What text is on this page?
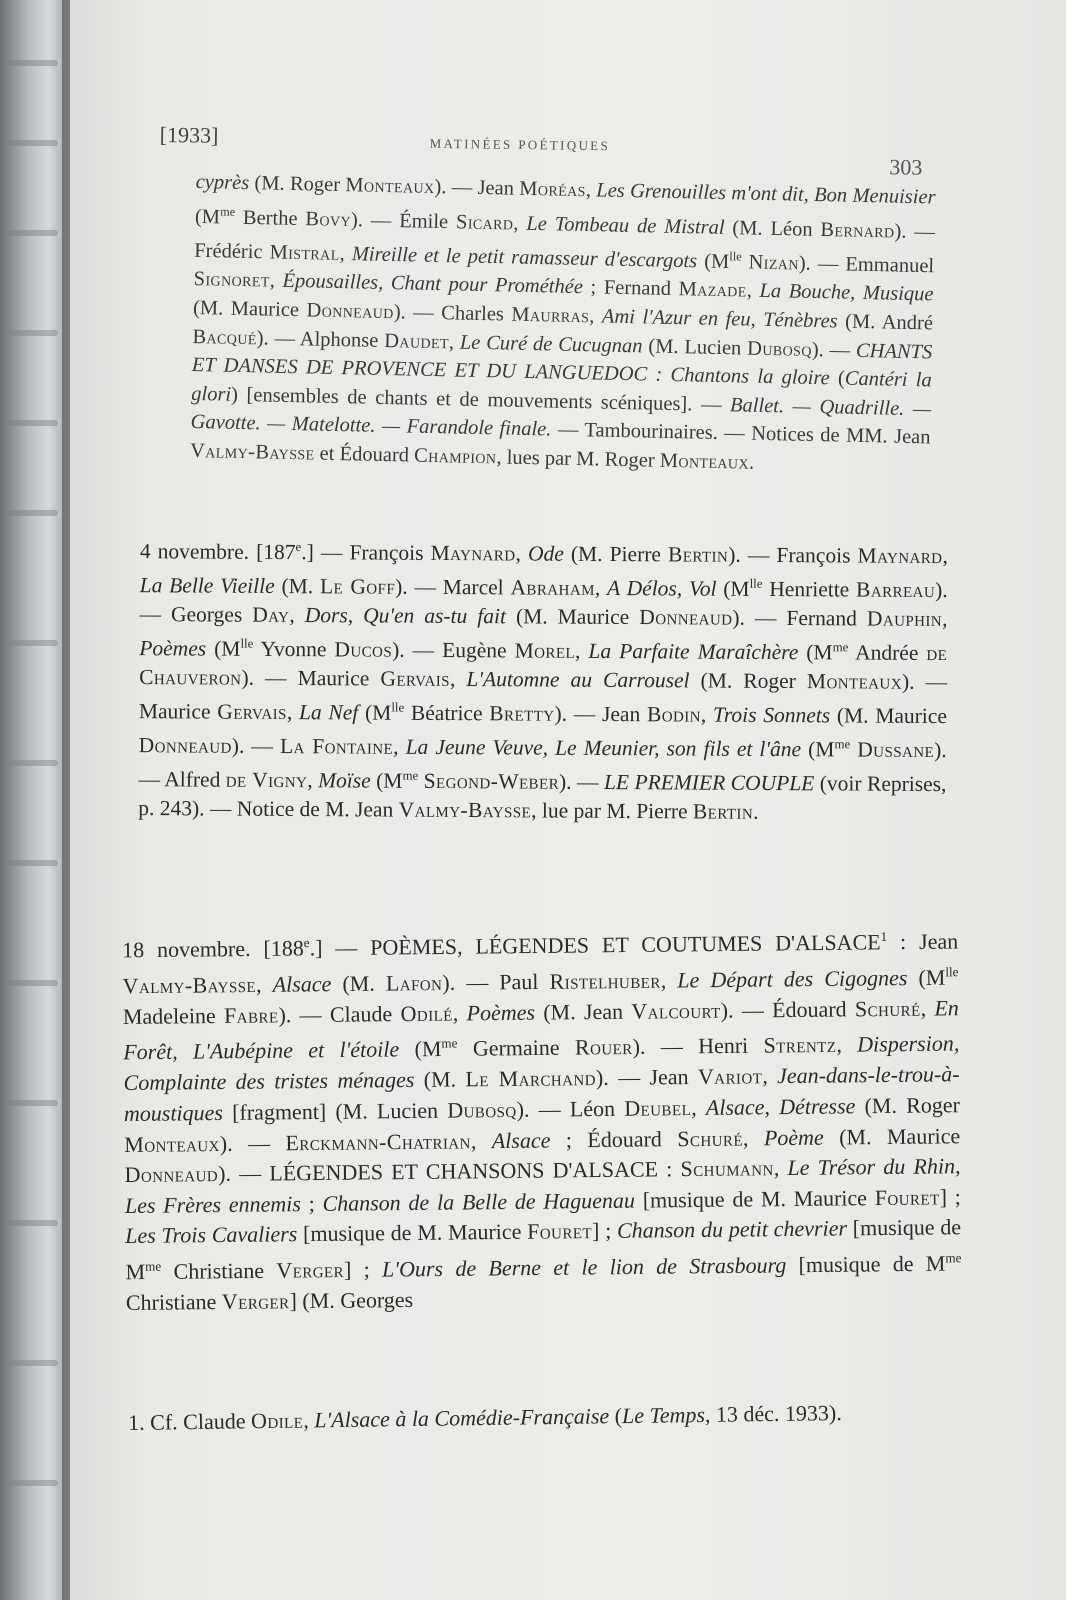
[1933]	MATINÉES POÉTIQUES
303
cyprès (M. Roger Monteaux). — Jean Moréas, Les Grenouilles m'ont dit, Bon Menuisier ($M^{me}$ Berthe Bovy). — Émile Sicard, Le Tombeau de Mistral (M. Léon Bernard). — Frédéric Mistral, Mireille et le petit ramasseur d'escargots ($M^{lle}$ Nizan). — Emmanuel Signoret, Épousailles, Chant pour Prométhée ; Fernand Mazade, La Bouche, Musique (M. Maurice Donneaud). — Charles Maurras, Ami l'Azur en feu, Ténèbres (M. André Bacqué). — Alphonse Daudet, Le Curé de Cucugnan (M. Lucien Dubosq). — CHANTS ET DANSES DE PROVENCE ET DU LANGUEDOC : Chantons la gloire (Cantéri la glori) [ensembles de chants et de mouvements scéniques]. — Ballet. — Quadrille. — Gavotte. — Matelotte. — Farandole finale. — Tambourinaires. — Notices de MM. Jean Valmy-Baysse et Édouard Champion, lues par M. Roger Monteaux.
4 novembre. [187e.] — François Maynard, Ode (M. Pierre Bertin). — François Maynard, La Belle Vieille (M. Le Goff). — Marcel Abraham, A Délos, Vol ($M^{lle}$ Henriette Barreau). — Georges Day, Dors, Qu'en as-tu fait (M. Maurice Donneaud). — Fernand Dauphin, Poèmes ($M^{lle}$ Yvonne Ducos). — Eugène Morel, La Parfaite Maraîchère ($M^{me}$ Andrée de Chauveron). — Maurice Gervais, L'Automne au Carrousel (M. Roger Monteaux). — Maurice Gervais, La Nef ($M^{lle}$ Béatrice Bretty). — Jean Bodin, Trois Sonnets (M. Maurice Donneaud). — La Fontaine, La Jeune Veuve, Le Meunier, son fils et l'âne ($M^{me}$ Dussane). — Alfred de Vigny, Moïse ($M^{me}$ Segond-Weber). — LE PREMIER COUPLE (voir Reprises, p. 243). — Notice de M. Jean Valmy-Baysse, lue par M. Pierre Bertin.
18 novembre. [188e.] — POÈMES, LÉGENDES ET COUTUMES D'ALSACE$^1$ : Jean Valmy-Baysse, Alsace (M. Lafon). — Paul Ristelhuber, Le Départ des Cigognes ($M^{lle}$ Madeleine Fabre). — Claude Odilé, Poèmes (M. Jean Valcourt). — Édouard Schuré, En Forêt, L'Aubépine et l'étoile ($M^{me}$ Germaine Rouer). — Henri Strentz, Dispersion, Complainte des tristes ménages (M. Le Marchand). — Jean Variot, Jean-dans-le-trou-à-moustiques [fragment] (M. Lucien Dubosq). — Léon Deubel, Alsace, Détresse (M. Roger Monteaux). — Erckmann-Chatrian, Alsace ; Édouard Schuré, Poème (M. Maurice Donneaud). — LÉGENDES ET CHANSONS D'ALSACE : Schumann, Le Trésor du Rhin, Les Frères ennemis ; Chanson de la Belle de Haguenau [musique de M. Maurice Fouret] ; Les Trois Cavaliers [musique de M. Maurice Fouret] ; Chanson du petit chevrier [musique de $M^{me}$ Christiane Verger] ; L'Ours de Berne et le lion de Strasbourg [musique de $M^{me}$ Christiane Verger] (M. Georges
1. Cf. Claude Odile, L'Alsace à la Comédie-Française (Le Temps, 13 déc. 1933).
